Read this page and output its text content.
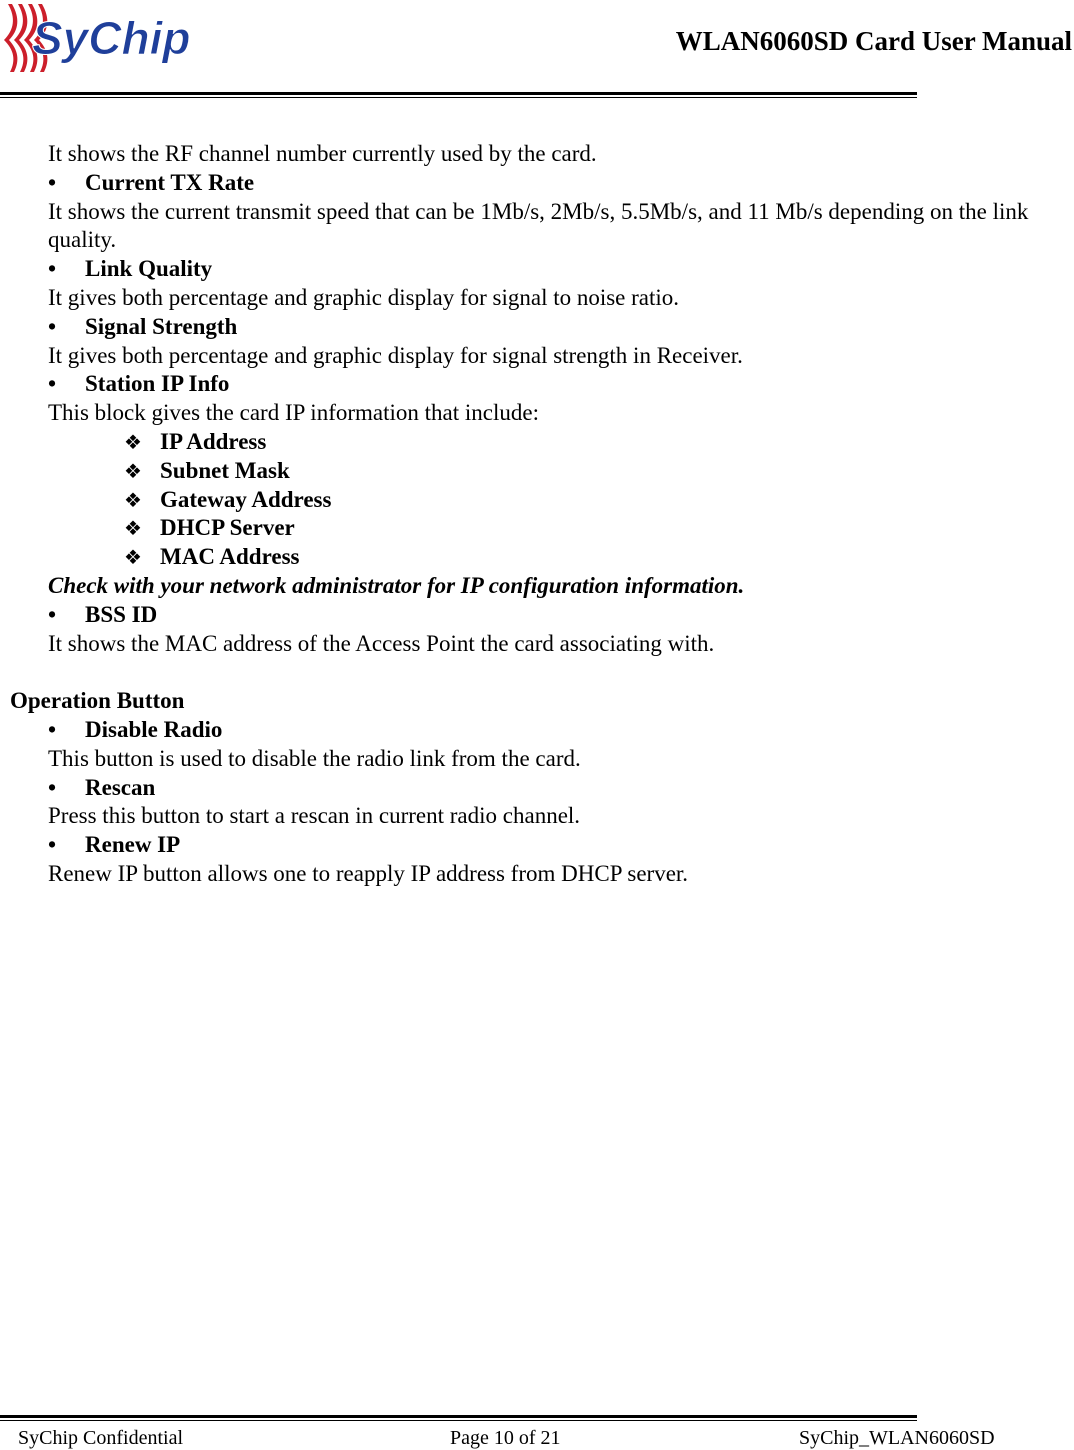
SyChip	WLAN6060SD Card User Manual
It shows the RF channel number currently used by the card.
•	Current TX Rate
It shows the current transmit speed that can be 1Mb/s, 2Mb/s, 5.5Mb/s, and 11 Mb/s depending on the link quality.
•	Link Quality
It gives both percentage and graphic display for signal to noise ratio.
•	Signal Strength
It gives both percentage and graphic display for signal strength in Receiver.
•	Station IP Info
This block gives the card IP information that include:
❖ IP Address
❖ Subnet Mask
❖ Gateway Address
❖ DHCP Server
❖ MAC Address
Check with your network administrator for IP configuration information.
•	BSS ID
It shows the MAC address of the Access Point the card associating with.
Operation Button
•	Disable Radio
This button is used to disable the radio link from the card.
•	Rescan
Press this button to start a rescan in current radio channel.
•	Renew IP
Renew IP button allows one to reapply IP address from DHCP server.
SyChip Confidential	Page 10 of 21	SyChip_WLAN6060SD
